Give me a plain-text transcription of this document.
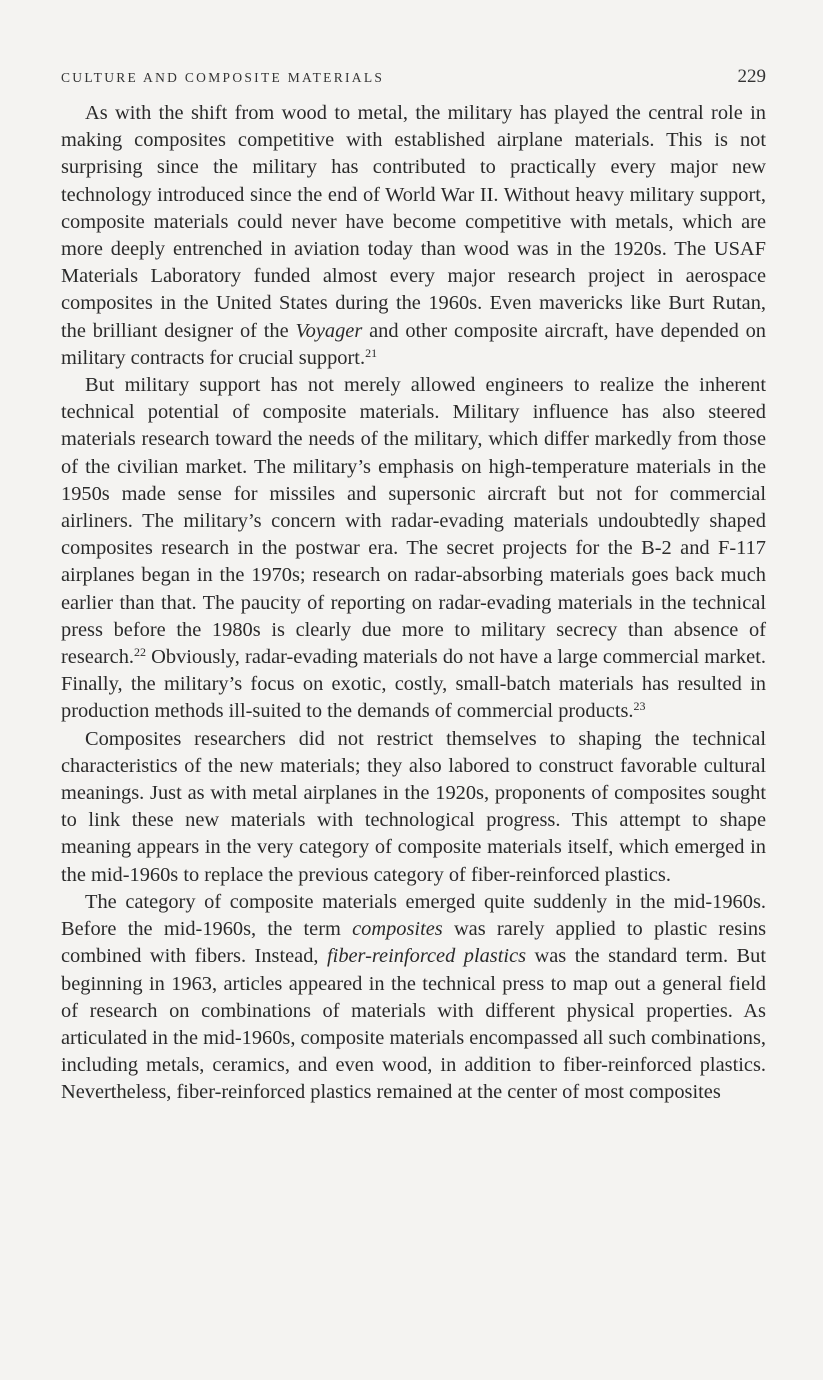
CULTURE AND COMPOSITE MATERIALS	229

As with the shift from wood to metal, the military has played the central role in making composites competitive with established airplane materials. This is not surprising since the military has contributed to practically every major new technology introduced since the end of World War II. Without heavy military support, composite materials could never have become competitive with metals, which are more deeply entrenched in aviation today than wood was in the 1920s. The USAF Materials Laboratory funded almost every major research project in aerospace composites in the United States during the 1960s. Even mavericks like Burt Rutan, the brilliant designer of the Voyager and other composite aircraft, have depended on military contracts for crucial support.$^{21}$

But military support has not merely allowed engineers to realize the inherent technical potential of composite materials. Military influence has also steered materials research toward the needs of the military, which differ markedly from those of the civilian market. The military’s emphasis on high-temperature materials in the 1950s made sense for missiles and supersonic aircraft but not for commercial airliners. The military’s concern with radar-evading materials undoubtedly shaped composites research in the postwar era. The secret projects for the B-2 and F-117 airplanes began in the 1970s; research on radar-absorbing materials goes back much earlier than that. The paucity of reporting on radar-evading materials in the technical press before the 1980s is clearly due more to military secrecy than absence of research.$^{22}$ Obviously, radar-evading materials do not have a large commercial market. Finally, the military’s focus on exotic, costly, small-batch materials has resulted in production methods ill-suited to the demands of commercial products.$^{23}$

Composites researchers did not restrict themselves to shaping the technical characteristics of the new materials; they also labored to construct favorable cultural meanings. Just as with metal airplanes in the 1920s, proponents of composites sought to link these new materials with technological progress. This attempt to shape meaning appears in the very category of composite materials itself, which emerged in the mid-1960s to replace the previous category of fiber-reinforced plastics.

The category of composite materials emerged quite suddenly in the mid-1960s. Before the mid-1960s, the term composites was rarely applied to plastic resins combined with fibers. Instead, fiber-reinforced plastics was the standard term. But beginning in 1963, articles appeared in the technical press to map out a general field of research on combinations of materials with different physical properties. As articulated in the mid-1960s, composite materials encompassed all such combinations, including metals, ceramics, and even wood, in addition to fiber-reinforced plastics. Nevertheless, fiber-reinforced plastics remained at the center of most composites
